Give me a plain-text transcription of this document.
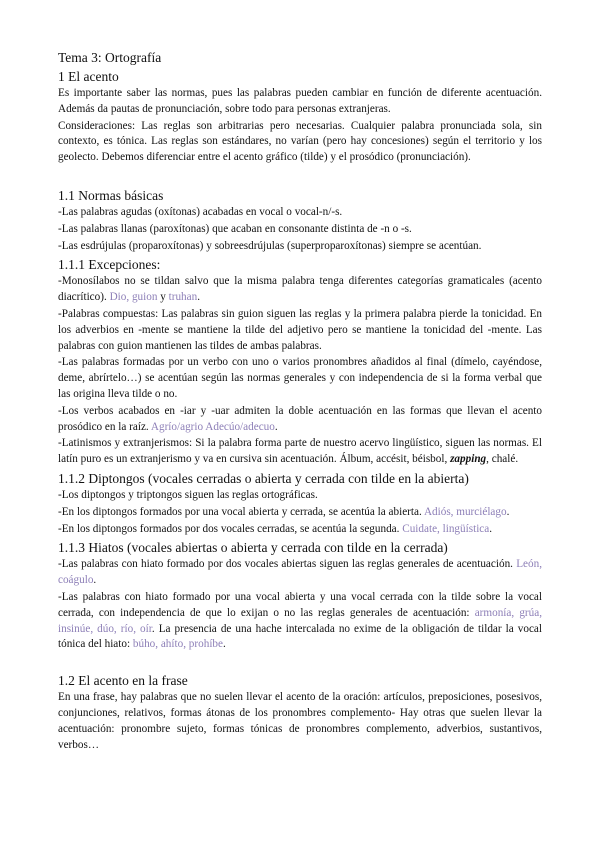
Tema 3: Ortografía
1 El acento

Es importante saber las normas, pues las palabras pueden cambiar en función de diferente acentuación. Además da pautas de pronunciación, sobre todo para personas extranjeras.

Consideraciones: Las reglas son arbitrarias pero necesarias. Cualquier palabra pronunciada sola, sin contexto, es tónica. Las reglas son estándares, no varían (pero hay concesiones) según el territorio y los geolecto. Debemos diferenciar entre el acento gráfico (tilde) y el prosódico (pronunciación).

1.1 Normas básicas

-Las palabras agudas (oxítonas) acabadas en vocal o vocal-n/-s.

-Las palabras llanas (paroxítonas) que acaban en consonante distinta de -n o -s.

-Las esdrújulas (proparoxítonas) y sobreesdrújulas (superproparoxítonas) siempre se acentúan.

1.1.1 Excepciones:

-Monosílabos no se tildan salvo que la misma palabra tenga diferentes categorías gramaticales (acento diacrítico). Dio, guion y truhan.

-Palabras compuestas: Las palabras sin guion siguen las reglas y la primera palabra pierde la tonicidad. En los adverbios en -mente se mantiene la tilde del adjetivo pero se mantiene la tonicidad del -mente. Las palabras con guion mantienen las tildes de ambas palabras.

-Las palabras formadas por un verbo con uno o varios pronombres añadidos al final (dímelo, cayéndose, deme, abrírtelo…) se acentúan según las normas generales y con independencia de si la forma verbal que las origina lleva tilde o no.

-Los verbos acabados en -iar y -uar admiten la doble acentuación en las formas que llevan el acento prosódico en la raíz. Agrío/agrio Adecúo/adecuo.

-Latinismos y extranjerismos: Si la palabra forma parte de nuestro acervo lingüístico, siguen las normas. El latín puro es un extranjerismo y va en cursiva sin acentuación. Álbum, accésit, béisbol, zapping, chalé.

1.1.2 Diptongos (vocales cerradas o abierta y cerrada con tilde en la abierta)

-Los diptongos y triptongos siguen las reglas ortográficas.

-En los diptongos formados por una vocal abierta y cerrada, se acentúa la abierta. Adiós, murciélago.

-En los diptongos formados por dos vocales cerradas, se acentúa la segunda. Cuidate, lingüística.

1.1.3 Hiatos (vocales abiertas o abierta y cerrada con tilde en la cerrada)

-Las palabras con hiato formado por dos vocales abiertas siguen las reglas generales de acentuación. León, coágulo.

-Las palabras con hiato formado por una vocal abierta y una vocal cerrada con la tilde sobre la vocal cerrada, con independencia de que lo exijan o no las reglas generales de acentuación: armonía, grúa, insinúe, dúo, río, oír. La presencia de una hache intercalada no exime de la obligación de tildar la vocal tónica del hiato: búho, ahíto, prohíbe.

1.2 El acento en la frase

En una frase, hay palabras que no suelen llevar el acento de la oración: artículos, preposiciones, posesivos, conjunciones, relativos, formas átonas de los pronombres complemento- Hay otras que suelen llevar la acentuación: pronombre sujeto, formas tónicas de pronombres complemento, adverbios, sustantivos, verbos…
